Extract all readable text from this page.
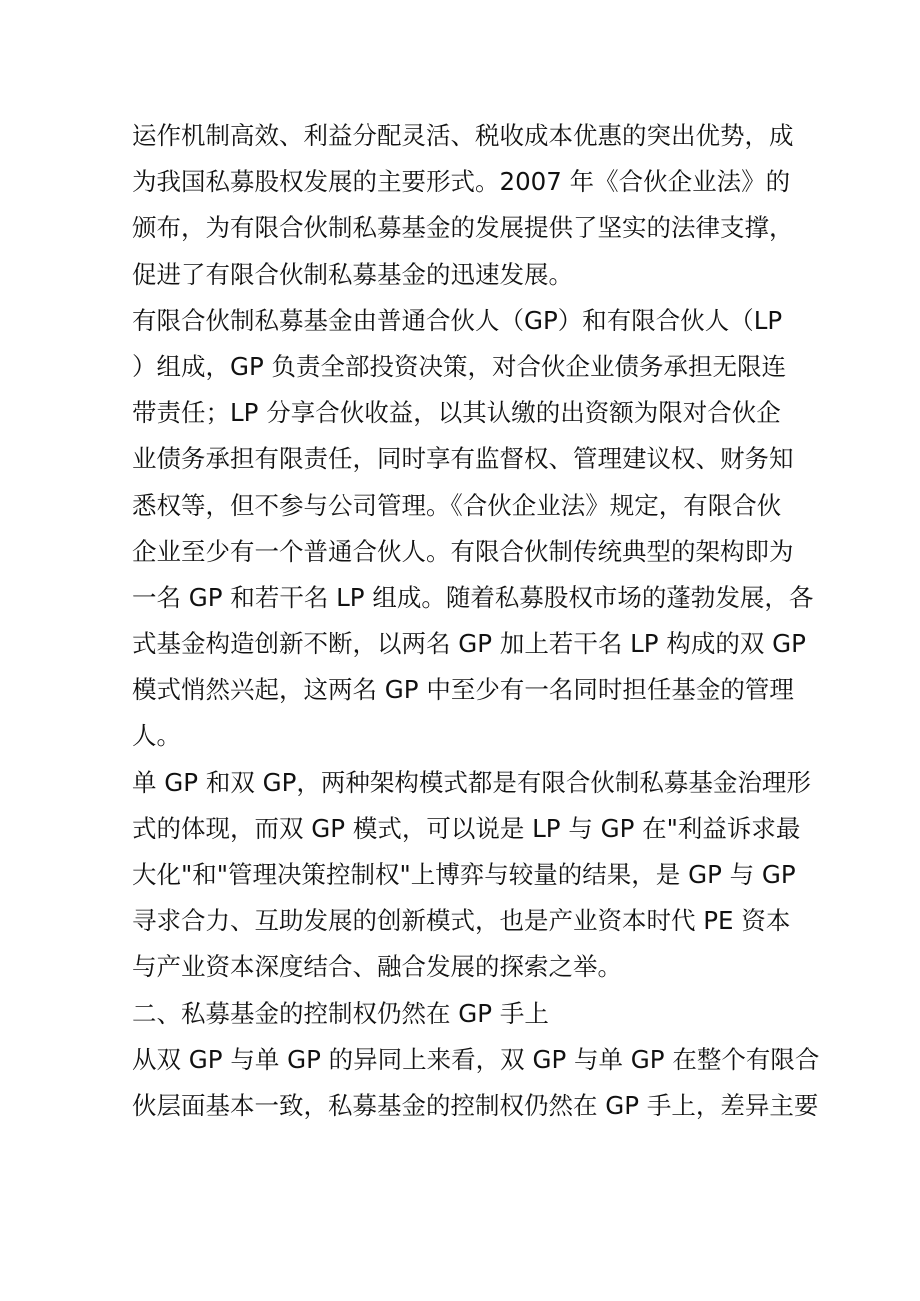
运作机制高效、利益分配灵活、税收成本优惠的突出优势，成
为我国私募股权发展的主要形式。2007 年《合伙企业法》的
颁布，为有限合伙制私募基金的发展提供了坚实的法律支撑，
促进了有限合伙制私募基金的迅速发展。
有限合伙制私募基金由普通合伙人（GP）和有限合伙人（LP
）组成，GP 负责全部投资决策，对合伙企业债务承担无限连
带责任；LP 分享合伙收益，以其认缴的出资额为限对合伙企
业债务承担有限责任，同时享有监督权、管理建议权、财务知
悉权等，但不参与公司管理。《合伙企业法》规定，有限合伙
企业至少有一个普通合伙人。有限合伙制传统典型的架构即为
一名 GP 和若干名 LP 组成。随着私募股权市场的蓬勃发展，各
式基金构造创新不断，以两名 GP 加上若干名 LP 构成的双 GP
模式悄然兴起，这两名 GP 中至少有一名同时担任基金的管理
人。
单 GP 和双 GP，两种架构模式都是有限合伙制私募基金治理形
式的体现，而双 GP 模式，可以说是 LP 与 GP 在"利益诉求最
大化"和"管理决策控制权"上博弈与较量的结果，是 GP 与 GP
寻求合力、互助发展的创新模式，也是产业资本时代 PE 资本
与产业资本深度结合、融合发展的探索之举。
二、私募基金的控制权仍然在 GP 手上
从双 GP 与单 GP 的异同上来看，双 GP 与单 GP 在整个有限合
伙层面基本一致，私募基金的控制权仍然在 GP 手上，差异主要
